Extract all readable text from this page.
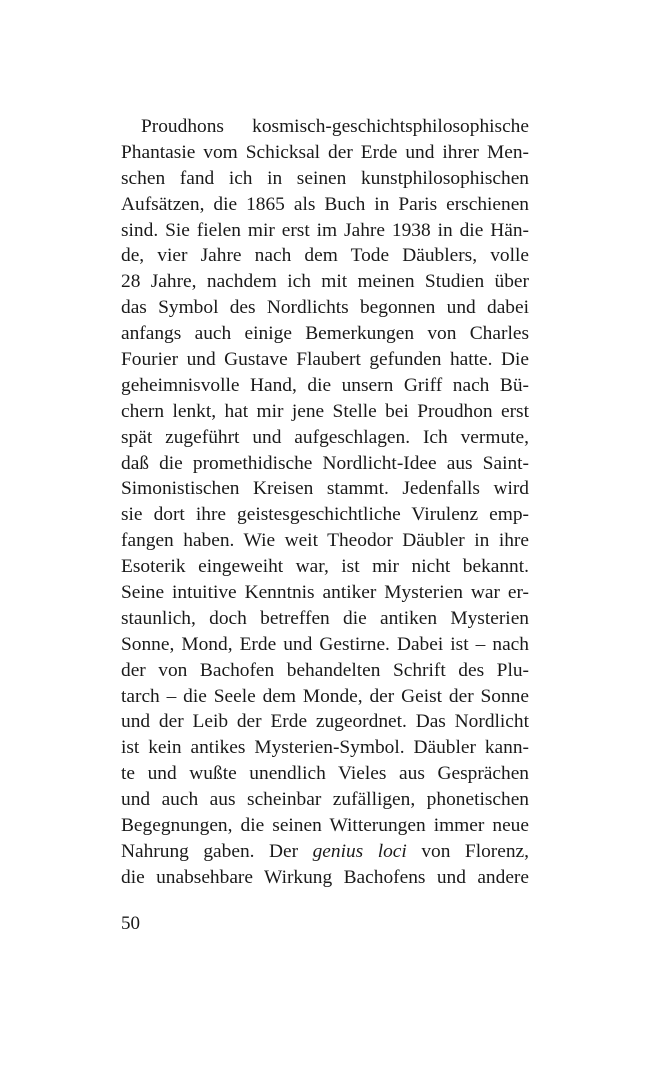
Proudhons kosmisch-geschichtsphilosophische
Phantasie vom Schicksal der Erde und ihrer Men-
schen fand ich in seinen kunstphilosophischen
Aufsätzen, die 1865 als Buch in Paris erschienen
sind. Sie fielen mir erst im Jahre 1938 in die Hän-
de, vier Jahre nach dem Tode Däublers, volle
28 Jahre, nachdem ich mit meinen Studien über
das Symbol des Nordlichts begonnen und dabei
anfangs auch einige Bemerkungen von Charles
Fourier und Gustave Flaubert gefunden hatte. Die
geheimnisvolle Hand, die unsern Griff nach Bü-
chern lenkt, hat mir jene Stelle bei Proudhon erst
spät zugeführt und aufgeschlagen. Ich vermute,
daß die promethidische Nordlicht-Idee aus Saint-
Simonistischen Kreisen stammt. Jedenfalls wird
sie dort ihre geistesgeschichtliche Virulenz emp-
fangen haben. Wie weit Theodor Däubler in ihre
Esoterik eingeweiht war, ist mir nicht bekannt.
Seine intuitive Kenntnis antiker Mysterien war er-
staunlich, doch betreffen die antiken Mysterien
Sonne, Mond, Erde und Gestirne. Dabei ist – nach
der von Bachofen behandelten Schrift des Plu-
tarch – die Seele dem Monde, der Geist der Sonne
und der Leib der Erde zugeordnet. Das Nordlicht
ist kein antikes Mysterien-Symbol. Däubler kann-
te und wußte unendlich Vieles aus Gesprächen
und auch aus scheinbar zufälligen, phonetischen
Begegnungen, die seinen Witterungen immer neue
Nahrung gaben. Der genius loci von Florenz,
die unabsehbare Wirkung Bachofens und andere
50
